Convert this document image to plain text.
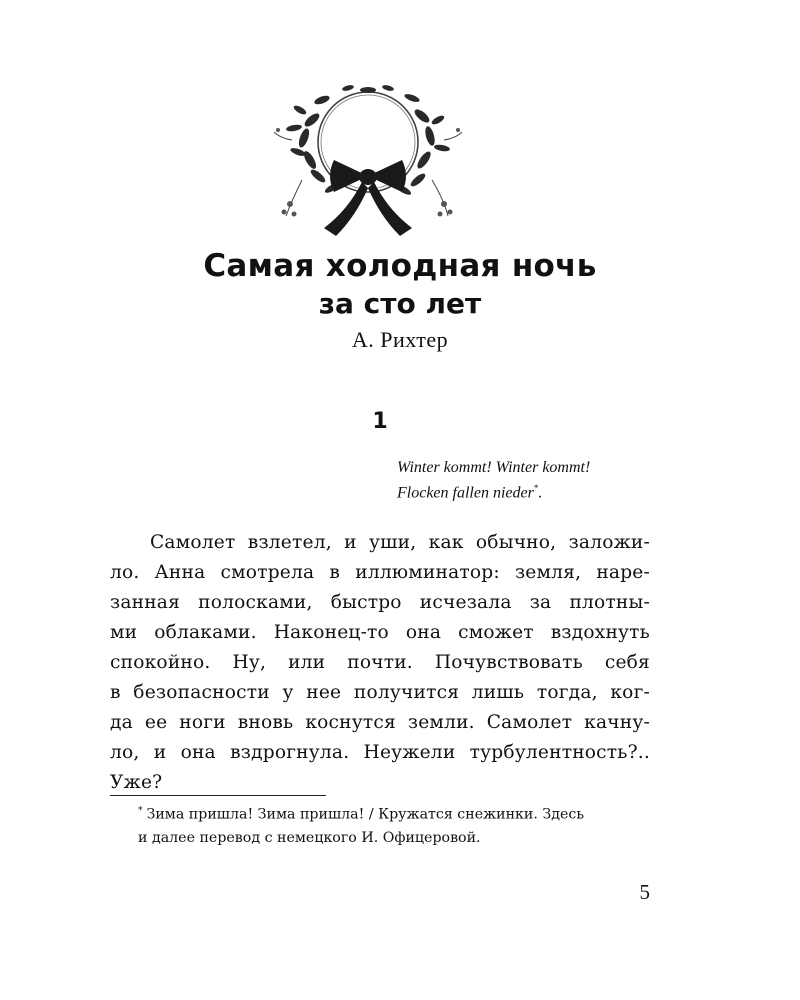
Самая холодная ночь
за сто лет
А. Рихтер
1
Winter kommt! Winter kommt!
Flocken fallen nieder*.
Самолет взлетел, и уши, как обычно, заложи-
ло. Анна смотрела в иллюминатор: земля, наре-
занная полосками, быстро исчезала за плотны-
ми облаками. Наконец-то она сможет вздохнуть
спокойно. Ну, или почти. Почувствовать себя
в безопасности у нее получится лишь тогда, ког-
да ее ноги вновь коснутся земли. Самолет качну-
ло, и она вздрогнула. Неужели турбулентность?..
Уже?
* Зима пришла! Зима пришла! / Кружатся снежинки. Здесь
и далее перевод с немецкого И. Офицеровой.
5
